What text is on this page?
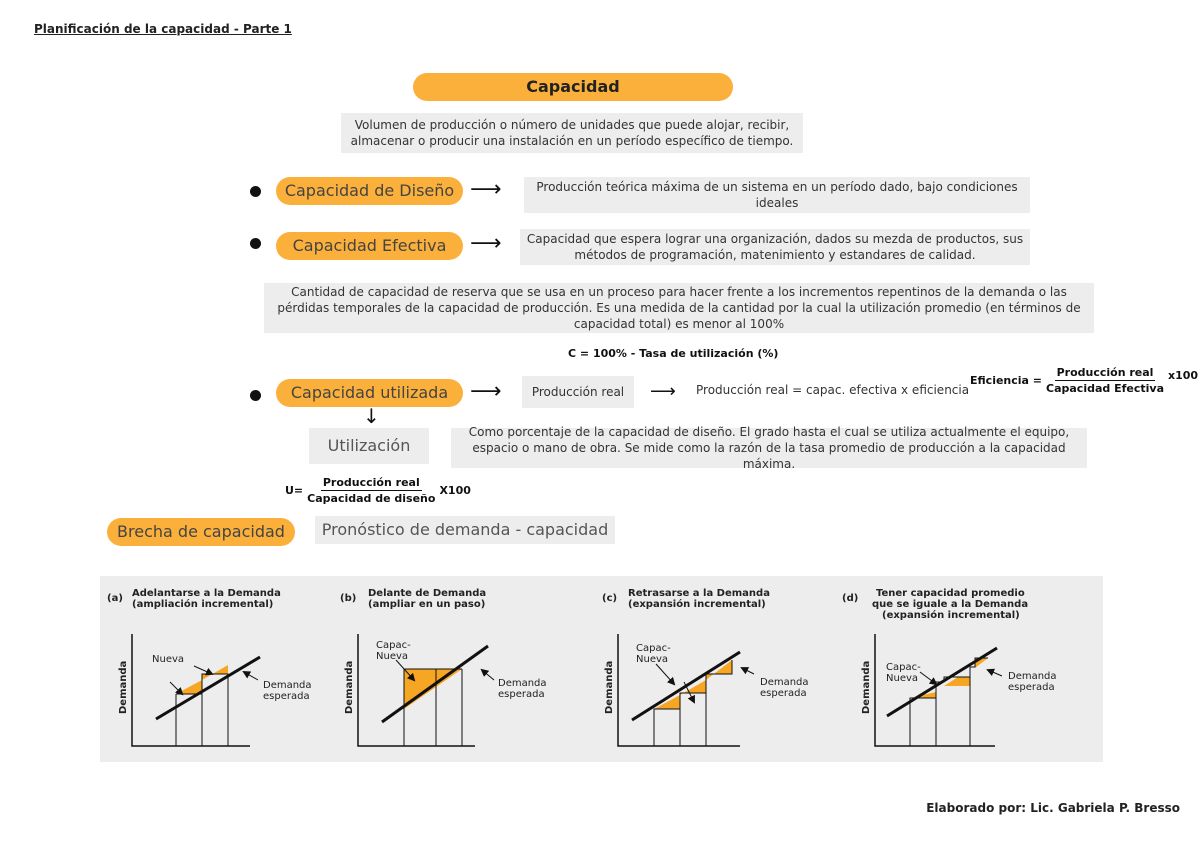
Planificación de la capacidad - Parte 1
Capacidad
Volumen de producción o número de unidades que puede alojar, recibir, almacenar o producir una instalación en un período específico de tiempo.
Capacidad de Diseño ⟶	Producción teórica máxima de un sistema en un período dado, bajo condiciones ideales
Capacidad Efectiva	⟶	Capacidad que espera lograr una organización, dados su mezda de productos, sus métodos de programación, matenimiento y estandares de calidad.
Cantidad de capacidad de reserva que se usa en un proceso para hacer frente a los incrementos repentinos de la demanda o las pérdidas temporales de la capacidad de producción. Es una medida de la cantidad por la cual la utilización promedio (en términos de capacidad total) es menor al 100%
C = 100% - Tasa de utilización (%)
Capacidad utilizada ⟶	Producción real	⟶ Producción real = capac. efectiva x eficiencia
Eficiencia = $\frac{\text{Producción real}}{\text{Capacidad Efectiva}} x100$
↓
Utilización
Como porcentaje de la capacidad de diseño. El grado hasta el cual se utiliza actualmente el equipo, espacio o mano de obra. Se mide como la razón de la tasa promedio de producción a la capacidad máxima.
$U= \frac{\text{Producción real}}{\text{Capacidad de diseño}} X100$
Brecha de capacidad	Pronóstico de demanda - capacidad
(a) Adelantarse a la Demanda
(ampliación incremental)
Nueva
Demanda
esperada
Demanda
(b) Delante de Demanda
(ampliar en un paso)
Capac-
Nueva
Demanda
esperada
Demanda
(c) Retrasarse a la Demanda
(expansión incremental)
Capac-
Nueva
Demanda
esperada
Demanda
(d) Tener capacidad promedio
que se iguale a la Demanda
(expansión incremental)
Capac-
Nueva	Demanda
esperada
Demanda
Elaborado por: Lic. Gabriela P. Bresso
